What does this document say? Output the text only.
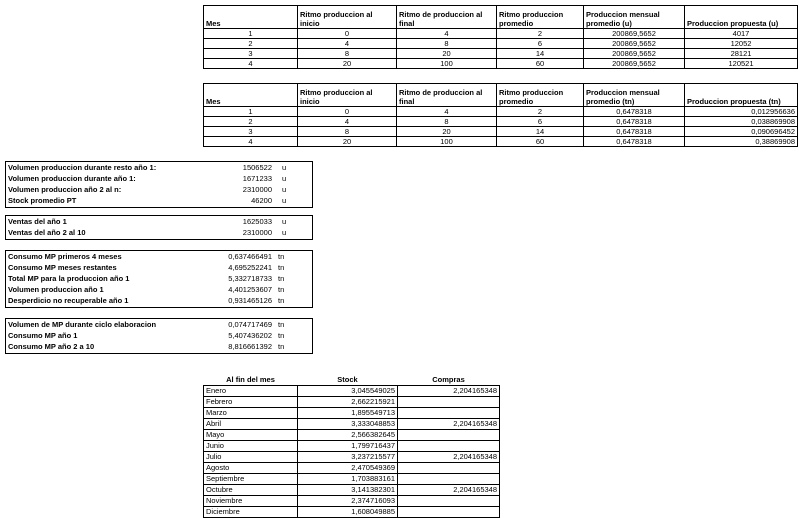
Mes	Ritmo produccion al inicio	Ritmo de produccion al final	Ritmo produccion promedio	Produccion mensual promedio (u)	Produccion propuesta (u)
1	0	4	2	200869,5652	4017
2	4	8	6	200869,5652	12052
3	8	20	14	200869,5652	28121
4	20	100	60	200869,5652	120521
Mes	Ritmo produccion al inicio	Ritmo de produccion al final	Ritmo produccion promedio	Produccion mensual promedio (tn)	Produccion propuesta (tn)
1	0	4	2	0,6478318	0,012956636
2	4	8	6	0,6478318	0,038869908
3	8	20	14	0,6478318	0,090696452
4	20	100	60	0,6478318	0,38869908
Volumen produccion durante resto año 1:	1506522 u
Volumen produccion durante año 1:	1671233 u
Volumen produccion año 2 al n:	2310000 u
Stock promedio PT	46200 u
Ventas del año 1	1625033 u
Ventas del año 2 al 10	2310000 u
Consumo MP primeros 4 meses	0,637466491 tn
Consumo MP meses restantes	4,695252241 tn
Total MP para la produccion año 1	5,332718733 tn
Volumen produccion año 1	4,401253607 tn
Desperdicio no recuperable año 1	0,931465126 tn
Volumen de MP durante ciclo elaboracion	0,074717469 tn
Consumo MP año 1	5,407436202 tn
Consumo MP año 2 a 10	8,816661392 tn
Al fin del mes	Stock	Compras
Enero	3,045549025	2,204165348
Febrero	2,662215921	
Marzo	1,895549713	
Abril	3,333048853	2,204165348
Mayo	2,566382645	
Junio	1,799716437	
Julio	3,237215577	2,204165348
Agosto	2,470549369	
Septiembre	1,703883161	
Octubre	3,141382301	2,204165348
Noviembre	2,374716093	
Diciembre	1,608049885	
